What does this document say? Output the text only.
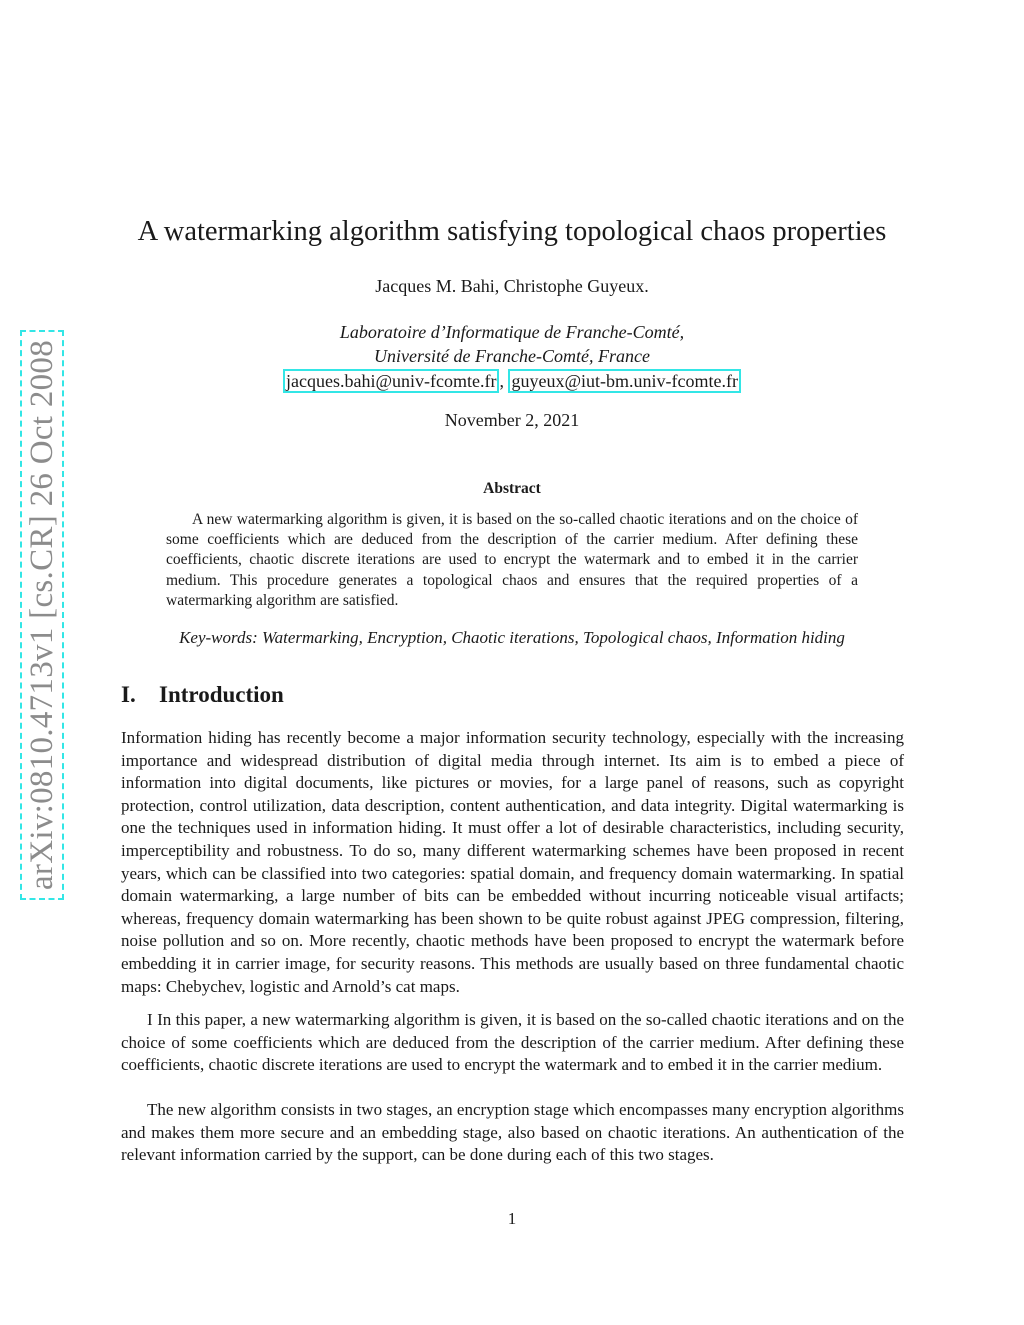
arXiv:0810.4713v1 [cs.CR] 26 Oct 2008
A watermarking algorithm satisfying topological chaos properties
Jacques M. Bahi, Christophe Guyeux.
Laboratoire d’Informatique de Franche-Comté,
Université de Franche-Comté, France
jacques.bahi@univ-fcomte.fr , guyeux@iut-bm.univ-fcomte.fr
November 2, 2021
Abstract
A new watermarking algorithm is given, it is based on the so-called chaotic iterations and on the choice of some coefficients which are deduced from the description of the carrier medium. After defining these coefficients, chaotic discrete iterations are used to encrypt the watermark and to embed it in the carrier medium. This procedure generates a topological chaos and ensures that the required properties of a watermarking algorithm are satisfied.
Key-words: Watermarking, Encryption, Chaotic iterations, Topological chaos, Information hiding
I. Introduction
Information hiding has recently become a major information security technology, especially with the increasing importance and widespread distribution of digital media through internet. Its aim is to embed a piece of information into digital documents, like pictures or movies, for a large panel of reasons, such as copyright protection, control utilization, data description, content authentication, and data integrity. Digital watermarking is one the techniques used in information hiding. It must offer a lot of desirable characteristics, including security, imperceptibility and robustness. To do so, many different watermarking schemes have been proposed in recent years, which can be classified into two categories: spatial domain, and frequency domain watermarking. In spatial domain watermarking, a large number of bits can be embedded without incurring noticeable visual artifacts; whereas, frequency domain watermarking has been shown to be quite robust against JPEG compression, filtering, noise pollution and so on. More recently, chaotic methods have been proposed to encrypt the watermark before embedding it in carrier image, for security reasons. This methods are usually based on three fundamental chaotic maps: Chebychev, logistic and Arnold’s cat maps.
I In this paper, a new watermarking algorithm is given, it is based on the so-called chaotic iterations and on the choice of some coefficients which are deduced from the description of the carrier medium. After defining these coefficients, chaotic discrete iterations are used to encrypt the watermark and to embed it in the carrier medium.
The new algorithm consists in two stages, an encryption stage which encompasses many encryption algorithms and makes them more secure and an embedding stage, also based on chaotic iterations. An authentication of the relevant information carried by the support, can be done during each of this two stages.
1
